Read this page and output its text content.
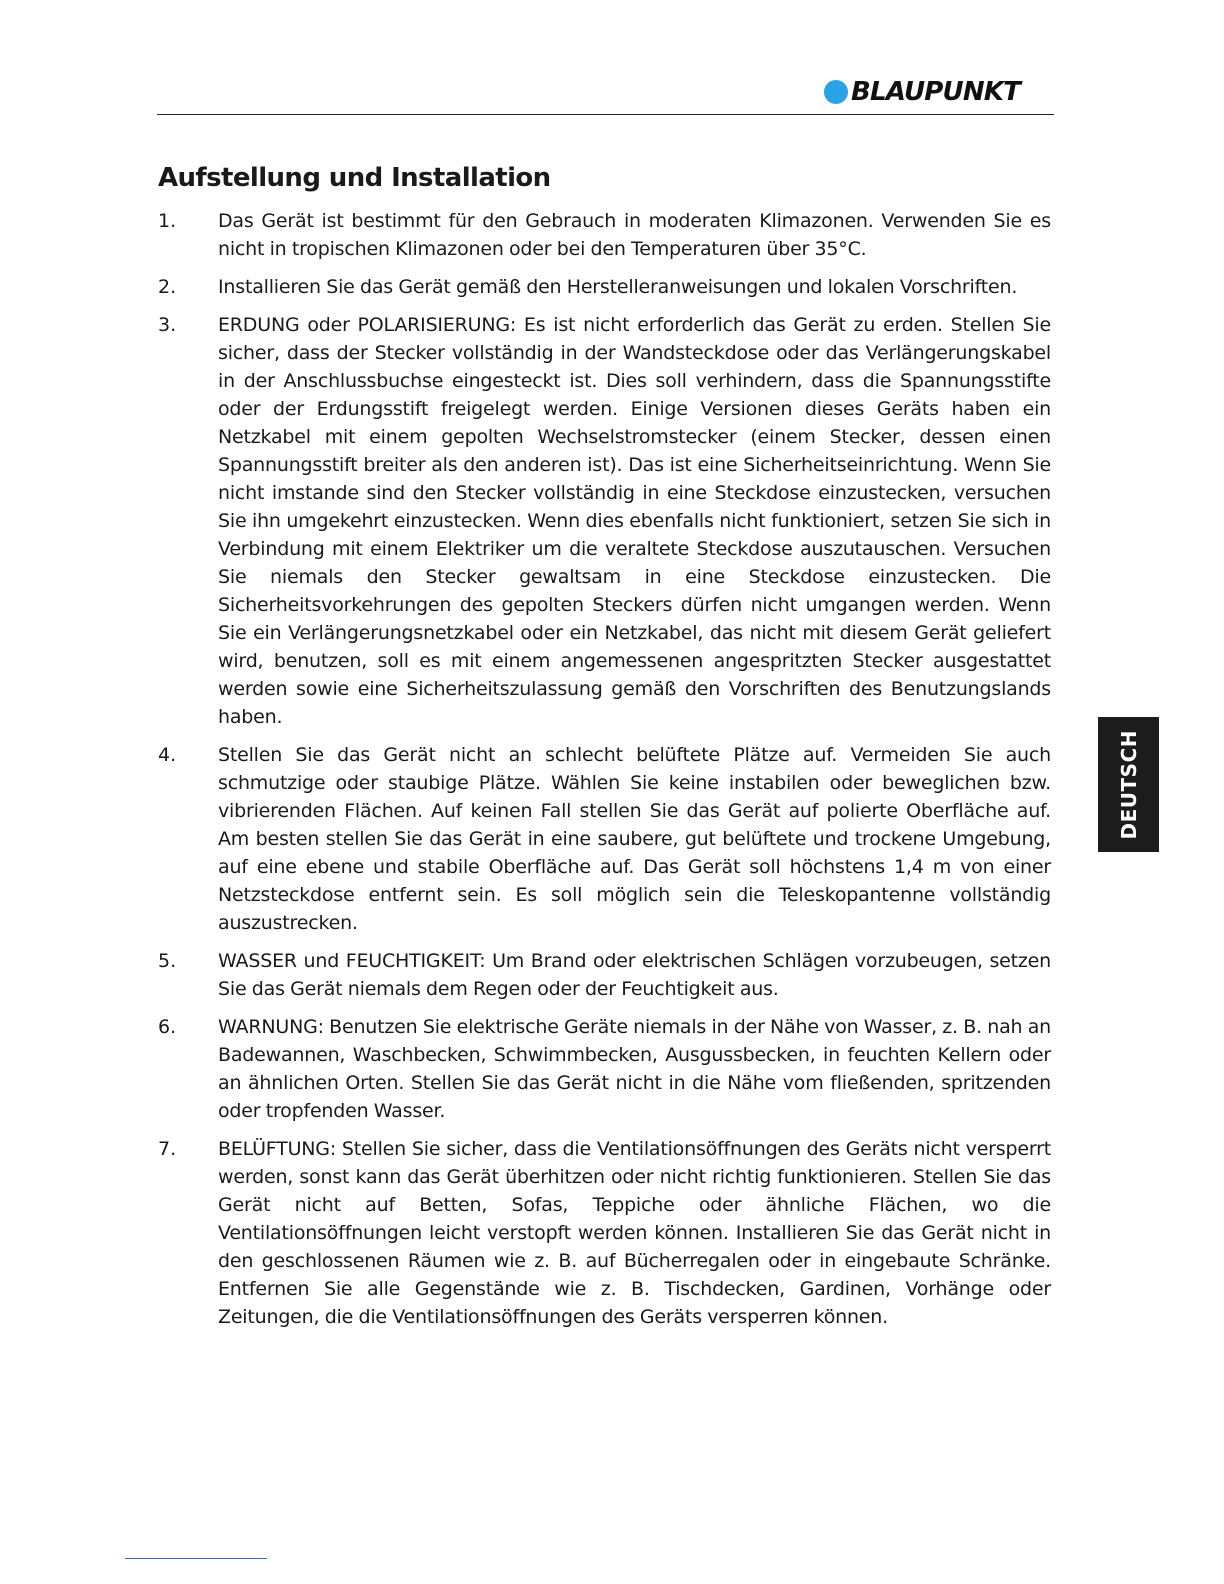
BLAUPUNKT
Aufstellung und Installation
1. Das Gerät ist bestimmt für den Gebrauch in moderaten Klimazonen. Verwenden Sie es nicht in tropischen Klimazonen oder bei den Temperaturen über 35°C.
2. Installieren Sie das Gerät gemäß den Herstelleranweisungen und lokalen Vorschriften.
3. ERDUNG oder POLARISIERUNG: Es ist nicht erforderlich das Gerät zu erden. Stellen Sie sicher, dass der Stecker vollständig in der Wandsteckdose oder das Verlängerungskabel in der Anschlussbuchse eingesteckt ist. Dies soll verhindern, dass die Spannungsstifte oder der Erdungsstift freigelegt werden. Einige Versionen dieses Geräts haben ein Netzkabel mit einem gepolten Wechselstromstecker (einem Stecker, dessen einen Spannungsstift breiter als den anderen ist). Das ist eine Sicherheitseinrichtung. Wenn Sie nicht imstande sind den Stecker vollständig in eine Steckdose einzustecken, versuchen Sie ihn umgekehrt einzustecken. Wenn dies ebenfalls nicht funktioniert, setzen Sie sich in Verbindung mit einem Elektriker um die veraltete Steckdose auszutauschen. Versuchen Sie niemals den Stecker gewaltsam in eine Steckdose einzustecken. Die Sicherheitsvorkehrungen des gepolten Steckers dürfen nicht umgangen werden. Wenn Sie ein Verlängerungsnetzkabel oder ein Netzkabel, das nicht mit diesem Gerät geliefert wird, benutzen, soll es mit einem angemessenen angespritzten Stecker ausgestattet werden sowie eine Sicherheitszulassung gemäß den Vorschriften des Benutzungslands haben.
4. Stellen Sie das Gerät nicht an schlecht belüftete Plätze auf. Vermeiden Sie auch schmutzige oder staubige Plätze. Wählen Sie keine instabilen oder beweglichen bzw. vibrierenden Flächen. Auf keinen Fall stellen Sie das Gerät auf polierte Oberfläche auf. Am besten stellen Sie das Gerät in eine saubere, gut belüftete und trockene Umgebung, auf eine ebene und stabile Oberfläche auf. Das Gerät soll höchstens 1,4 m von einer Netzsteckdose entfernt sein. Es soll möglich sein die Teleskopantenne vollständig auszustrecken.
5. WASSER und FEUCHTIGKEIT: Um Brand oder elektrischen Schlägen vorzubeugen, setzen Sie das Gerät niemals dem Regen oder der Feuchtigkeit aus.
6. WARNUNG: Benutzen Sie elektrische Geräte niemals in der Nähe von Wasser, z. B. nah an Badewannen, Waschbecken, Schwimmbecken, Ausgussbecken, in feuchten Kellern oder an ähnlichen Orten. Stellen Sie das Gerät nicht in die Nähe vom fließenden, spritzenden oder tropfenden Wasser.
7. BELÜFTUNG: Stellen Sie sicher, dass die Ventilationsöffnungen des Geräts nicht versperrt werden, sonst kann das Gerät überhitzen oder nicht richtig funktionieren. Stellen Sie das Gerät nicht auf Betten, Sofas, Teppiche oder ähnliche Flächen, wo die Ventilationsöffnungen leicht verstopft werden können. Installieren Sie das Gerät nicht in den geschlossenen Räumen wie z. B. auf Bücherregalen oder in eingebaute Schränke. Entfernen Sie alle Gegenstände wie z. B. Tischdecken, Gardinen, Vorhänge oder Zeitungen, die die Ventilationsöffnungen des Geräts versperren können.
DEUTSCH
